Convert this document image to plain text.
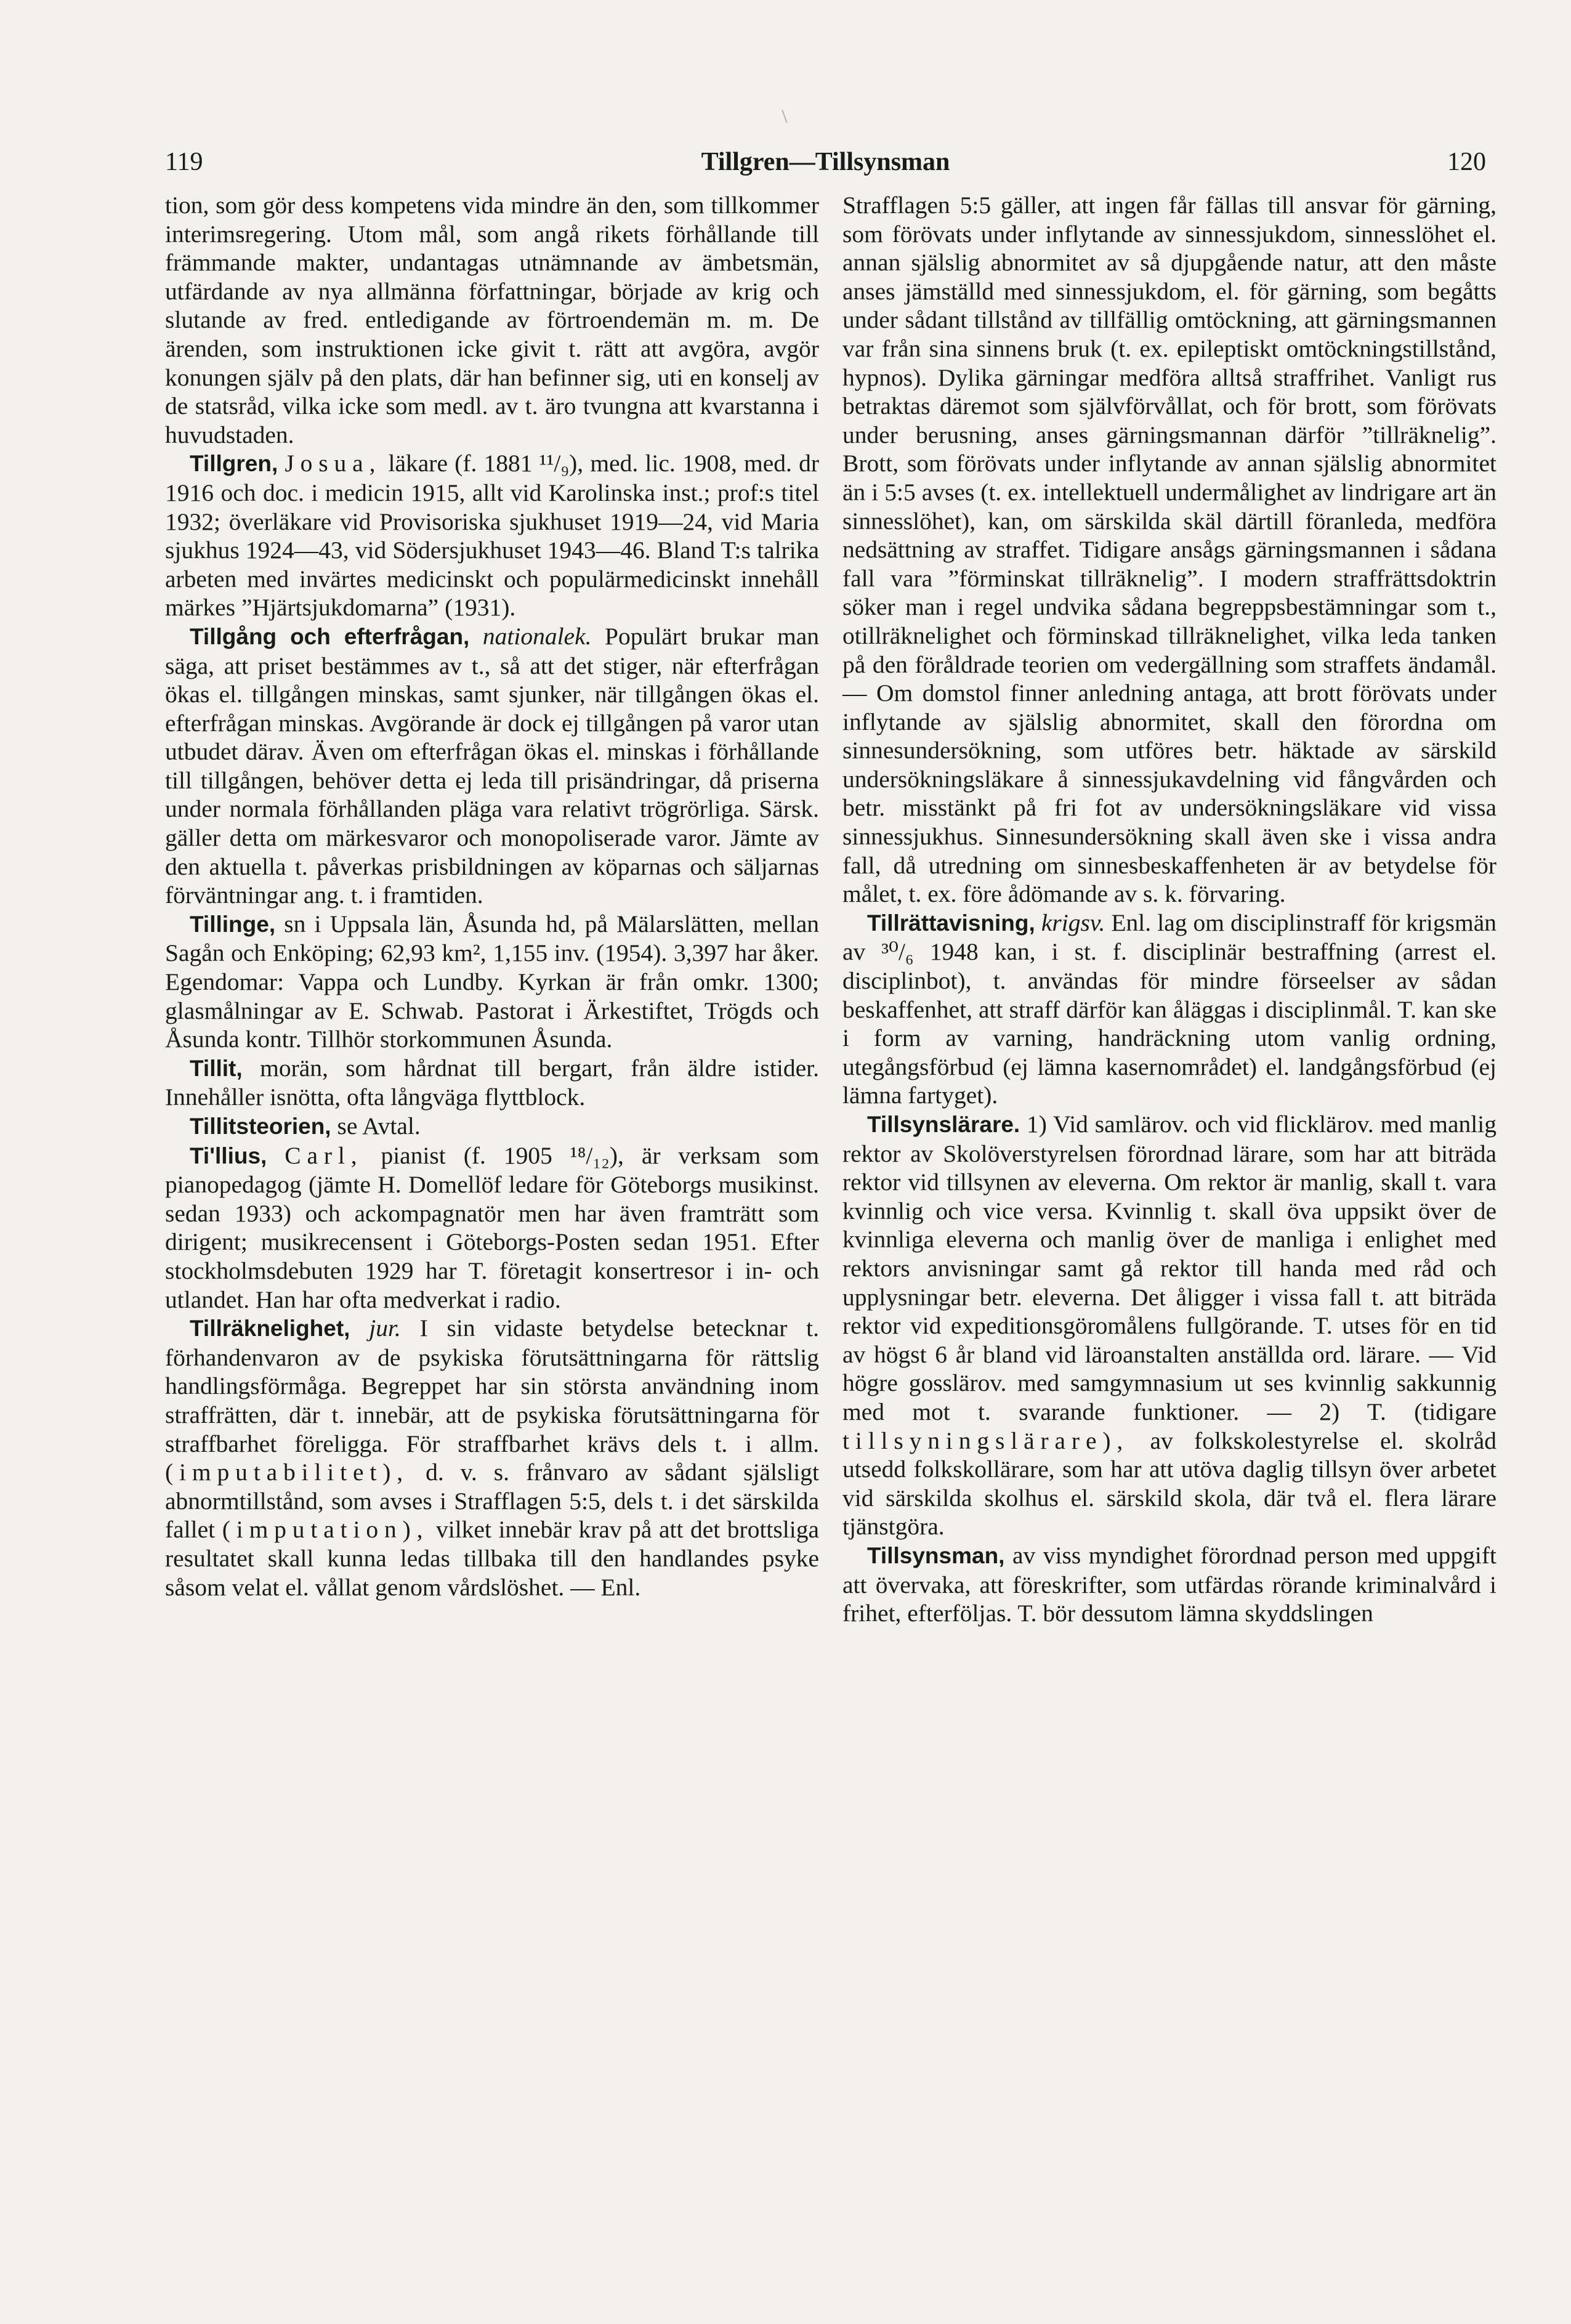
119	Tillgren—Tillsynsman	120

tion, som gör dess kompetens vida mindre än den, som tillkommer interimsregering. Utom mål, som angå rikets förhållande till främmande makter, undantagas utnämnande av ämbetsmän, utfärdande av nya allmänna författningar, började av krig och slutande av fred. entledigande av förtroendemän m. m. De ärenden, som instruktionen icke givit t. rätt att avgöra, avgör konungen själv på den plats, där han befinner sig, uti en konselj av de statsråd, vilka icke som medl. av t. äro tvungna att kvarstanna i huvudstaden.

Tillgren, Josua, läkare (f. 1881 ¹¹/₉), med. lic. 1908, med. dr 1916 och doc. i medicin 1915, allt vid Karolinska inst.; prof:s titel 1932; överläkare vid Provisoriska sjukhuset 1919—24, vid Maria sjukhus 1924—43, vid Södersjukhuset 1943—46. Bland T:s talrika arbeten med invärtes medicinskt och populärmedicinskt innehåll märkes ”Hjärtsjukdomarna” (1931).

Tillgång och efterfrågan, nationalek. Populärt brukar man säga, att priset bestämmes av t., så att det stiger, när efterfrågan ökas el. tillgången minskas, samt sjunker, när tillgången ökas el. efterfrågan minskas. Avgörande är dock ej tillgången på varor utan utbudet därav. Även om efterfrågan ökas el. minskas i förhållande till tillgången, behöver detta ej leda till prisändringar, då priserna under normala förhållanden pläga vara relativt trögrörliga. Särsk. gäller detta om märkesvaror och monopoliserade varor. Jämte av den aktuella t. påverkas prisbildningen av köparnas och säljarnas förväntningar ang. t. i framtiden.

Tillinge, sn i Uppsala län, Åsunda hd, på Mälarslätten, mellan Sagån och Enköping; 62,93 km², 1,155 inv. (1954). 3,397 har åker. Egendomar: Vappa och Lundby. Kyrkan är från omkr. 1300; glasmålningar av E. Schwab. Pastorat i Ärkestiftet, Trögds och Åsunda kontr. Tillhör storkommunen Åsunda.

Tillit, morän, som hårdnat till bergart, från äldre istider. Innehåller isnötta, ofta långväga flyttblock.

Tillitsteorien, se Avtal.

Ti'llius, Carl, pianist (f. 1905 ¹⁸/₁₂), är verksam som pianopedagog (jämte H. Domellöf ledare för Göteborgs musikinst. sedan 1933) och ackompagnatör men har även framträtt som dirigent; musikrecensent i Göteborgs-Posten sedan 1951. Efter stockholmsdebuten 1929 har T. företagit konsertresor i in- och utlandet. Han har ofta medverkat i radio.

Tillräknelighet, jur. I sin vidaste betydelse betecknar t. förhandenvaron av de psykiska förutsättningarna för rättslig handlingsförmåga. Begreppet har sin största användning inom straffrätten, där t. innebär, att de psykiska förutsättningarna för straffbarhet föreligga. För straffbarhet krävs dels t. i allm. (imputabilitet), d. v. s. frånvaro av sådant själsligt abnormtillstånd, som avses i Strafflagen 5:5, dels t. i det särskilda fallet (imputation), vilket innebär krav på att det brottsliga resultatet skall kunna ledas tillbaka till den handlandes psyke såsom velat el. vållat genom vårdslöshet. — Enl.

Strafflagen 5:5 gäller, att ingen får fällas till ansvar för gärning, som förövats under inflytande av sinnessjukdom, sinnesslöhet el. annan själslig abnormitet av så djupgående natur, att den måste anses jämställd med sinnessjukdom, el. för gärning, som begåtts under sådant tillstånd av tillfällig omtöckning, att gärningsmannen var från sina sinnens bruk (t. ex. epileptiskt omtöckningstillstånd, hypnos). Dylika gärningar medföra alltså straffrihet. Vanligt rus betraktas däremot som självförvållat, och för brott, som förövats under berusning, anses gärningsmannan därför ”tillräknelig”. Brott, som förövats under inflytande av annan själslig abnormitet än i 5:5 avses (t. ex. intellektuell undermålighet av lindrigare art än sinnesslöhet), kan, om särskilda skäl därtill föranleda, medföra nedsättning av straffet. Tidigare ansågs gärningsmannen i sådana fall vara ”förminskat tillräknelig”. I modern straffrättsdoktrin söker man i regel undvika sådana begreppsbestämningar som t., otillräknelighet och förminskad tillräknelighet, vilka leda tanken på den föråldrade teorien om vedergällning som straffets ändamål. — Om domstol finner anledning antaga, att brott förövats under inflytande av själslig abnormitet, skall den förordna om sinnesundersökning, som utföres betr. häktade av särskild undersökningsläkare å sinnessjukavdelning vid fångvården och betr. misstänkt på fri fot av undersökningsläkare vid vissa sinnessjukhus. Sinnesundersökning skall även ske i vissa andra fall, då utredning om sinnesbeskaffenheten är av betydelse för målet, t. ex. före ådömande av s. k. förvaring.

Tillrättavisning, krigsv. Enl. lag om disciplinstraff för krigsmän av ³⁰/₆ 1948 kan, i st. f. disciplinär bestraffning (arrest el. disciplinbot), t. användas för mindre förseelser av sådan beskaffenhet, att straff därför kan åläggas i disciplinmål. T. kan ske i form av varning, handräckning utom vanlig ordning, utegångsförbud (ej lämna kasernområdet) el. landgångsförbud (ej lämna fartyget).

Tillsynslärare. 1) Vid samlärov. och vid flicklärov. med manlig rektor av Skolöverstyrelsen förordnad lärare, som har att biträda rektor vid tillsynen av eleverna. Om rektor är manlig, skall t. vara kvinnlig och vice versa. Kvinnlig t. skall öva uppsikt över de kvinnliga eleverna och manlig över de manliga i enlighet med rektors anvisningar samt gå rektor till handa med råd och upplysningar betr. eleverna. Det åligger i vissa fall t. att biträda rektor vid expeditionsgöromålens fullgörande. T. utses för en tid av högst 6 år bland vid läroanstalten anställda ord. lärare. — Vid högre gosslärov. med samgymnasium ut ses kvinnlig sakkunnig med mot t. svarande funktioner. — 2) T. (tidigare tillsyningslärare), av folkskolestyrelse el. skolråd utsedd folkskollärare, som har att utöva daglig tillsyn över arbetet vid särskilda skolhus el. särskild skola, där två el. flera lärare tjänstgöra.

Tillsynsman, av viss myndighet förordnad person med uppgift att övervaka, att föreskrifter, som utfärdas rörande kriminalvård i frihet, efterföljas. T. bör dessutom lämna skyddslingen
